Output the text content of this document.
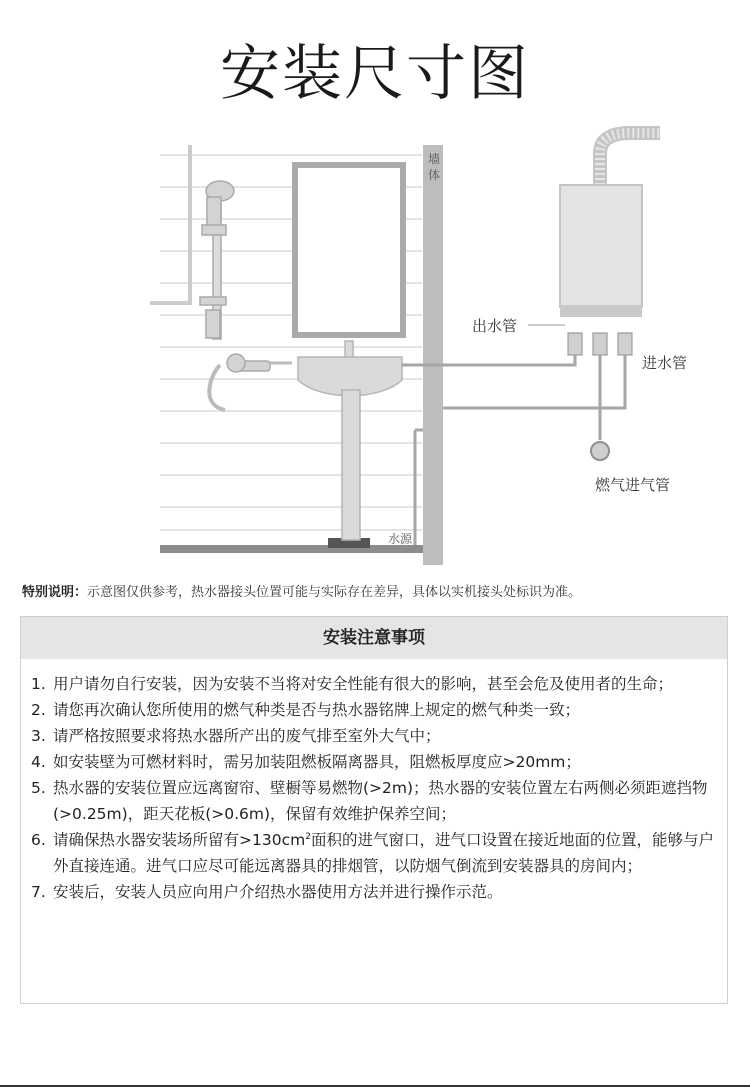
安装尺寸图
墙
体
出水管
进水管
燃气进气管
水源
特别说明：示意图仅供参考，热水器接头位置可能与实际存在差异，具体以实机接头处标识为准。
安装注意事项
1. 用户请勿自行安装，因为安装不当将对安全性能有很大的影响，甚至会危及使用者的生命；
2. 请您再次确认您所使用的燃气种类是否与热水器铭牌上规定的燃气种类一致；
3. 请严格按照要求将热水器所产出的废气排至室外大气中；
4. 如安装壁为可燃材料时，需另加装阻燃板隔离器具，阻燃板厚度应>20mm；
5. 热水器的安装位置应远离窗帘、壁橱等易燃物(>2m)；热水器的安装位置左右两侧必须距遮挡物(>0.25m)，距天花板(>0.6m)，保留有效维护保养空间；
6. 请确保热水器安装场所留有$>130cm^2$面积的进气窗口，进气口设置在接近地面的位置，能够与户外直接连通。进气口应尽可能远离器具的排烟管，以防烟气倒流到安装器具的房间内；
7. 安装后，安装人员应向用户介绍热水器使用方法并进行操作示范。
